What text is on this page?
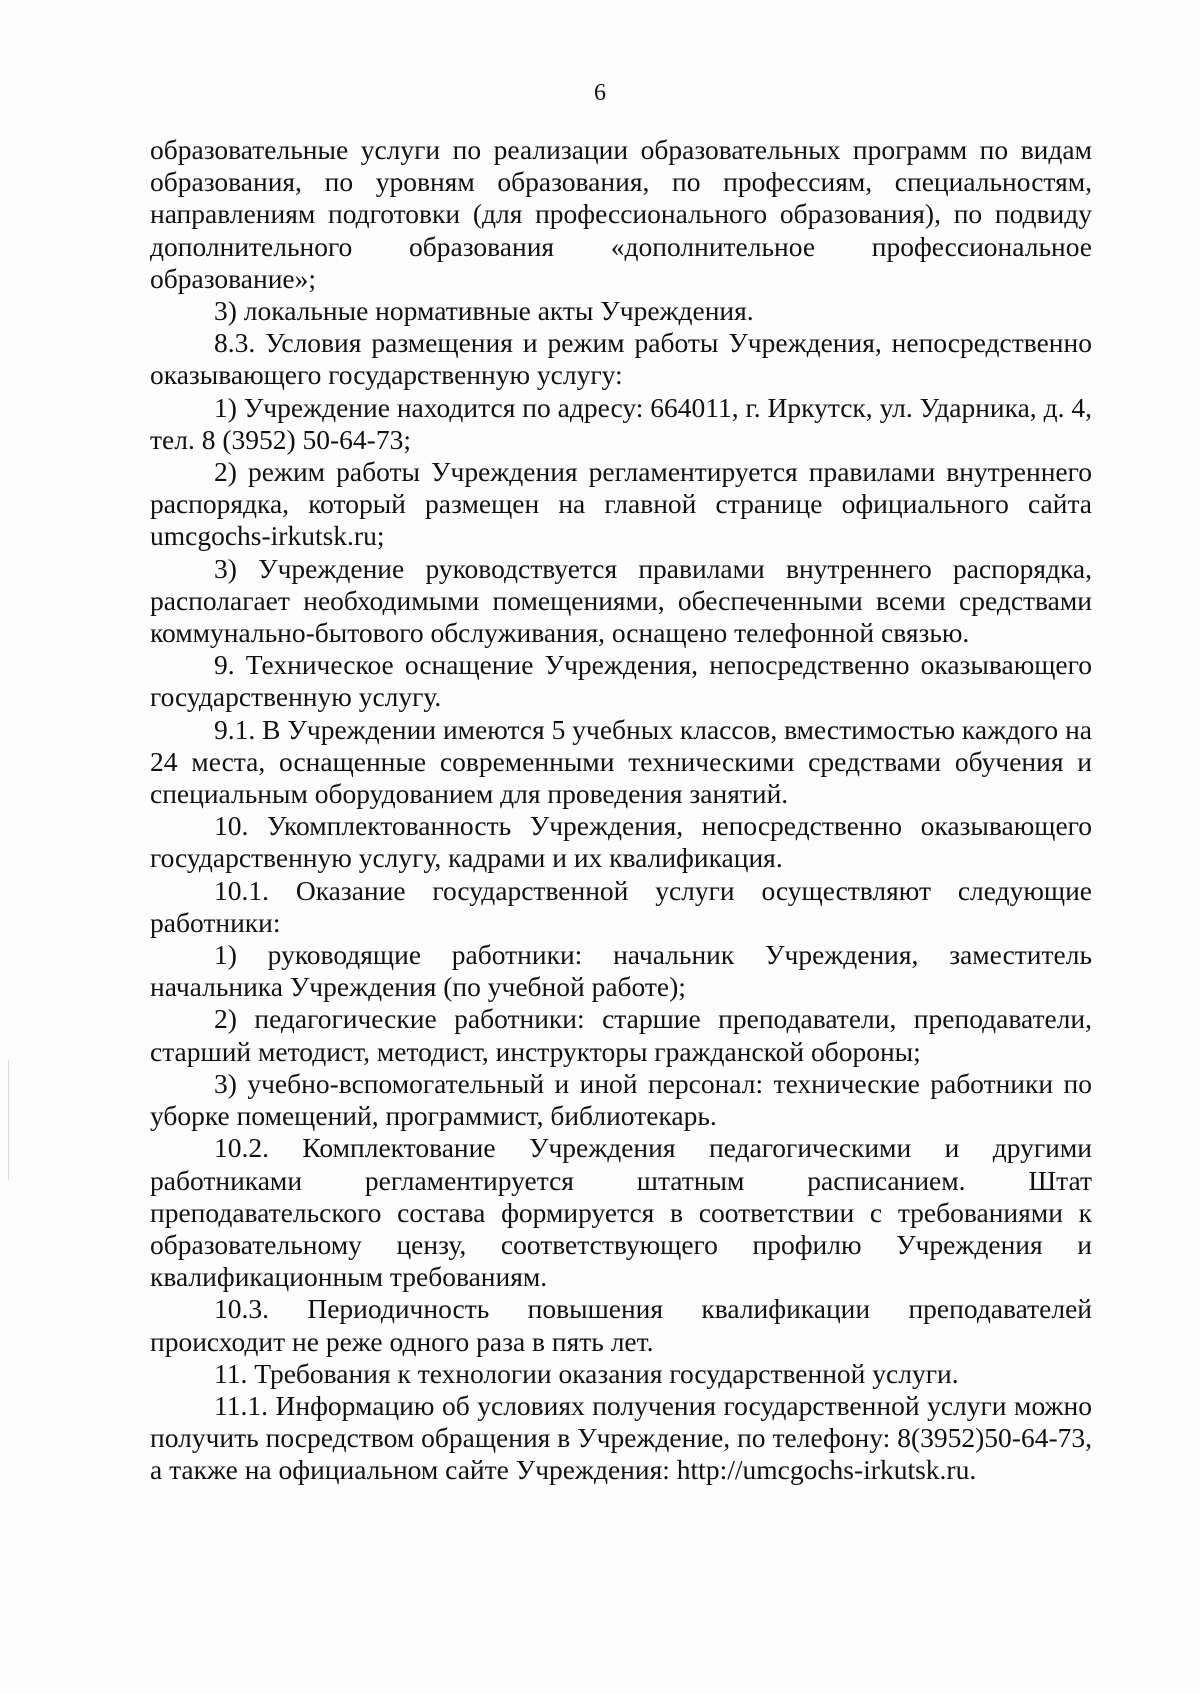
6

образовательные услуги по реализации образовательных программ по видам образования, по уровням образования, по профессиям, специальностям, направлениям подготовки (для профессионального образования), по подвиду дополнительного образования «дополнительное профессиональное образование»;

3) локальные нормативные акты Учреждения.

8.3. Условия размещения и режим работы Учреждения, непосредственно оказывающего государственную услугу:

1) Учреждение находится по адресу: 664011, г. Иркутск, ул. Ударника, д. 4, тел. 8 (3952) 50-64-73;

2) режим работы Учреждения регламентируется правилами внутреннего распорядка, который размещен на главной странице официального сайта umcgochs-irkutsk.ru;

3) Учреждение руководствуется правилами внутреннего распорядка, располагает необходимыми помещениями, обеспеченными всеми средствами коммунально-бытового обслуживания, оснащено телефонной связью.

9. Техническое оснащение Учреждения, непосредственно оказывающего государственную услугу.

9.1. В Учреждении имеются 5 учебных классов, вместимостью каждого на 24 места, оснащенные современными техническими средствами обучения и специальным оборудованием для проведения занятий.

10. Укомплектованность Учреждения, непосредственно оказывающего государственную услугу, кадрами и их квалификация.

10.1. Оказание государственной услуги осуществляют следующие работники:

1) руководящие работники: начальник Учреждения, заместитель начальника Учреждения (по учебной работе);

2) педагогические работники: старшие преподаватели, преподаватели, старший методист, методист, инструкторы гражданской обороны;

3) учебно-вспомогательный и иной персонал: технические работники по уборке помещений, программист, библиотекарь.

10.2. Комплектование Учреждения педагогическими и другими работниками регламентируется штатным расписанием. Штат преподавательского состава формируется в соответствии с требованиями к образовательному цензу, соответствующего профилю Учреждения и квалификационным требованиям.

10.3. Периодичность повышения квалификации преподавателей происходит не реже одного раза в пять лет.

11. Требования к технологии оказания государственной услуги.

11.1. Информацию об условиях получения государственной услуги можно получить посредством обращения в Учреждение, по телефону: 8(3952)50-64-73, а также на официальном сайте Учреждения: http://umcgochs-irkutsk.ru.
